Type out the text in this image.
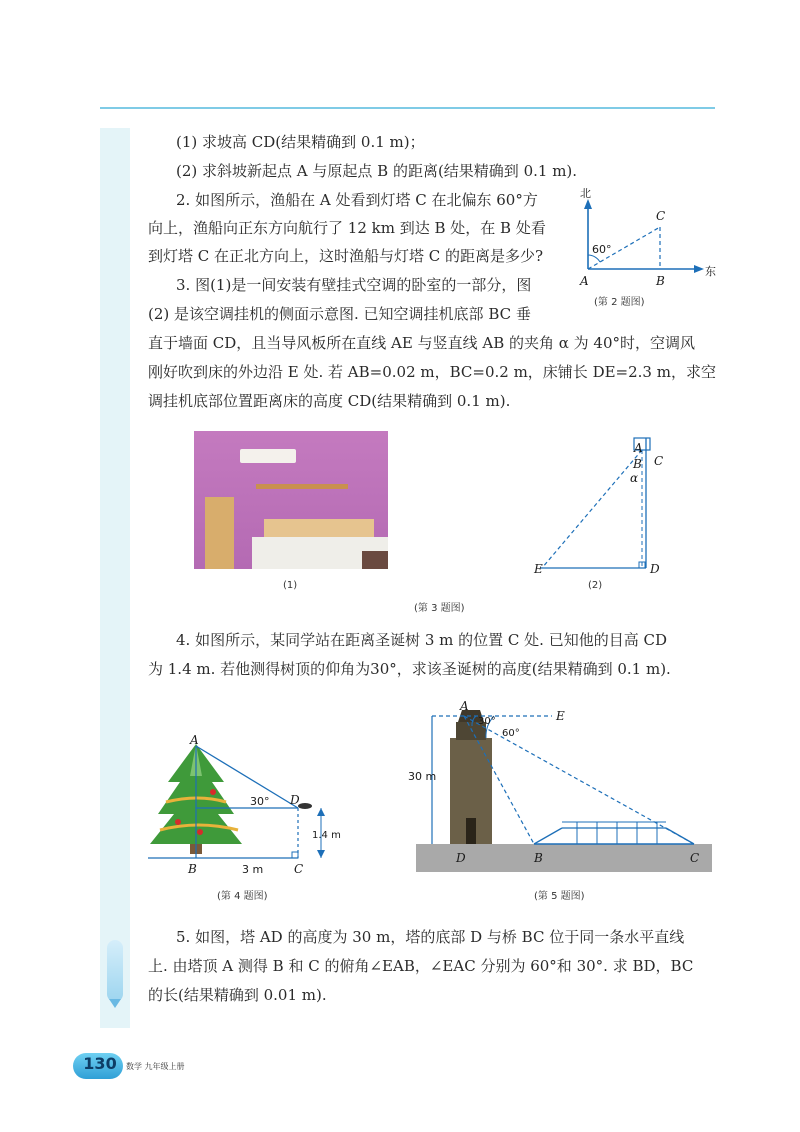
(1) 求坡高 CD(结果精确到 0.1 m)；
(2) 求斜坡新起点 A 与原起点 B 的距离(结果精确到 0.1 m).
2. 如图所示，渔船在 A 处看到灯塔 C 在北偏东 60°方
向上，渔船向正东方向航行了 12 km 到达 B 处，在 B 处看
到灯塔 C 在正北方向上，这时渔船与灯塔 C 的距离是多少?
3. 图(1)是一间安装有壁挂式空调的卧室的一部分，图
(2) 是该空调挂机的侧面示意图. 已知空调挂机底部 BC 垂
直于墙面 CD，且当导风板所在直线 AE 与竖直线 AB 的夹角 α 为 40°时，空调风
刚好吹到床的外边沿 E 处. 若 AB=0.02 m，BC=0.2 m，床铺长 DE=2.3 m，求空
调挂机底部位置距离床的高度 CD(结果精确到 0.1 m).
4. 如图所示，某同学站在距离圣诞树 3 m 的位置 C 处. 已知他的目高 CD
为 1.4 m. 若他测得树顶的仰角为30°，求该圣诞树的高度(结果精确到 0.1 m).
5. 如图，塔 AD 的高度为 30 m，塔的底部 D 与桥 BC 位于同一条水平直线
上. 由塔顶 A 测得 B 和 C 的俯角∠EAB，∠EAC 分别为 60°和 30°. 求 BD，BC
的长(结果精确到 0.01 m).
60°
北
东
C
A	B
(第 2 题图)
(1)
A
B C
α
E	D
(2)
(第 3 题图)
A
30° D
1.4 m
B	3 m	C
(第 4 题图)
A
30°
60°
E
30 m
D	B	C
(第 5 题图)
130	数学 九年级上册
